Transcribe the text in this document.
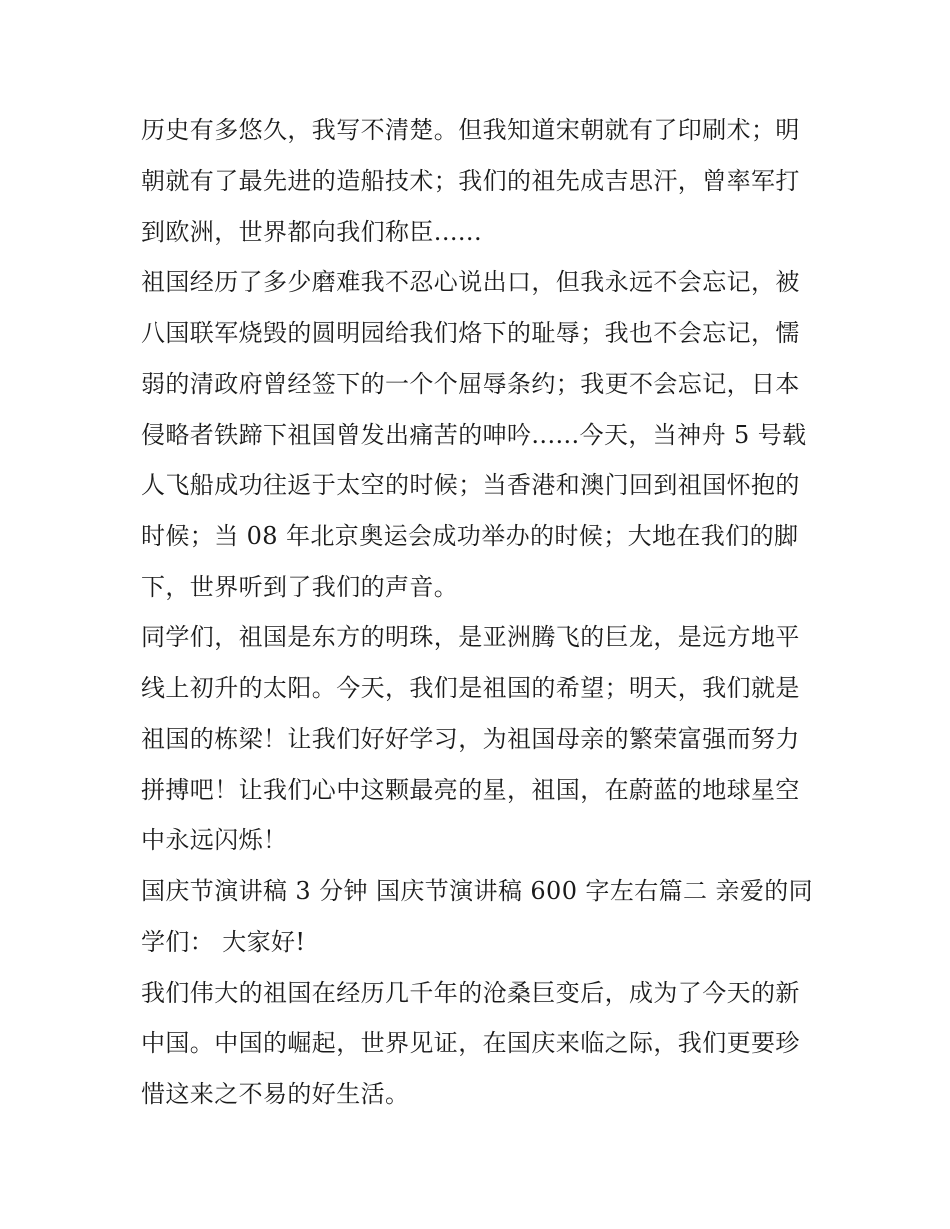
历史有多悠久，我写不清楚。但我知道宋朝就有了印刷术；明

朝就有了最先进的造船技术；我们的祖先成吉思汗，曾率军打

到欧洲，世界都向我们称臣......

祖国经历了多少磨难我不忍心说出口，但我永远不会忘记，被

八国联军烧毁的圆明园给我们烙下的耻辱；我也不会忘记，懦

弱的清政府曾经签下的一个个屈辱条约；我更不会忘记，日本

侵略者铁蹄下祖国曾发出痛苦的呻吟......今天，当神舟 5 号载

人飞船成功往返于太空的时候；当香港和澳门回到祖国怀抱的

时候；当 08 年北京奥运会成功举办的时候；大地在我们的脚

下，世界听到了我们的声音。

同学们，祖国是东方的明珠，是亚洲腾飞的巨龙，是远方地平

线上初升的太阳。今天，我们是祖国的希望；明天，我们就是

祖国的栋梁！让我们好好学习，为祖国母亲的繁荣富强而努力

拼搏吧！让我们心中这颗最亮的星，祖国，在蔚蓝的地球星空

中永远闪烁！

国庆节演讲稿 3 分钟 国庆节演讲稿 600 字左右篇二 亲爱的同

学们： 大家好!

我们伟大的祖国在经历几千年的沧桑巨变后，成为了今天的新

中国。中国的崛起，世界见证，在国庆来临之际，我们更要珍

惜这来之不易的好生活。
